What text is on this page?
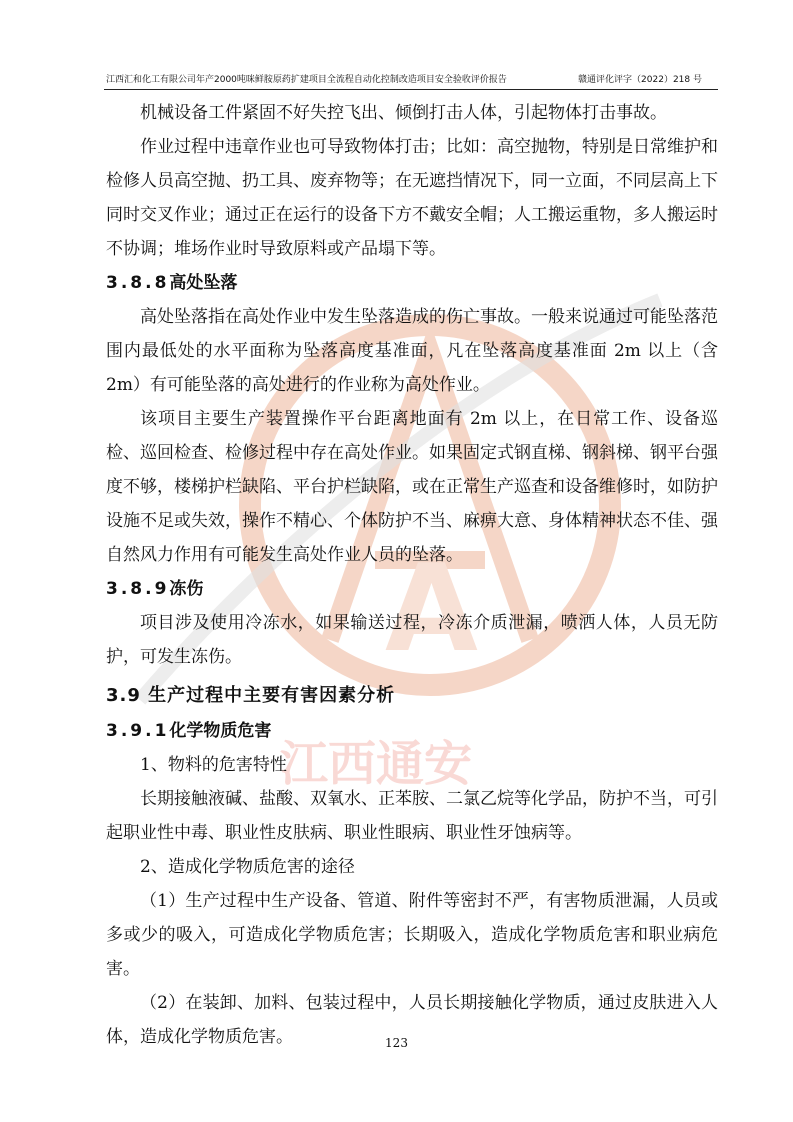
江西汇和化工有限公司年产2000吨咪鲜胺原药扩建项目全流程自动化控制改造项目安全验收评价报告	赣通评化评字（2022）218 号
A
江西通安

机械设备工件紧固不好失控飞出、倾倒打击人体，引起物体打击事故。

作业过程中违章作业也可导致物体打击；比如：高空抛物，特别是日常维护和检修人员高空抛、扔工具、废弃物等；在无遮挡情况下，同一立面，不同层高上下同时交叉作业；通过正在运行的设备下方不戴安全帽；人工搬运重物，多人搬运时不协调；堆场作业时导致原料或产品塌下等。

3.8.8高处坠落

高处坠落指在高处作业中发生坠落造成的伤亡事故。一般来说通过可能坠落范围内最低处的水平面称为坠落高度基准面，凡在坠落高度基准面 2m 以上（含 2m）有可能坠落的高处进行的作业称为高处作业。

该项目主要生产装置操作平台距离地面有 2m 以上，在日常工作、设备巡检、巡回检查、检修过程中存在高处作业。如果固定式钢直梯、钢斜梯、钢平台强度不够，楼梯护栏缺陷、平台护栏缺陷，或在正常生产巡查和设备维修时，如防护设施不足或失效，操作不精心、个体防护不当、麻痹大意、身体精神状态不佳、强自然风力作用有可能发生高处作业人员的坠落。

3.8.9冻伤

项目涉及使用冷冻水，如果输送过程，冷冻介质泄漏，喷洒人体，人员无防护，可发生冻伤。

3.9 生产过程中主要有害因素分析

3.9.1化学物质危害

1、物料的危害特性

长期接触液碱、盐酸、双氧水、正苯胺、二氯乙烷等化学品，防护不当，可引起职业性中毒、职业性皮肤病、职业性眼病、职业性牙蚀病等。

2、造成化学物质危害的途径

（1）生产过程中生产设备、管道、附件等密封不严，有害物质泄漏，人员或多或少的吸入，可造成化学物质危害；长期吸入，造成化学物质危害和职业病危害。

（2）在装卸、加料、包装过程中，人员长期接触化学物质，通过皮肤进入人体，造成化学物质危害。	123
